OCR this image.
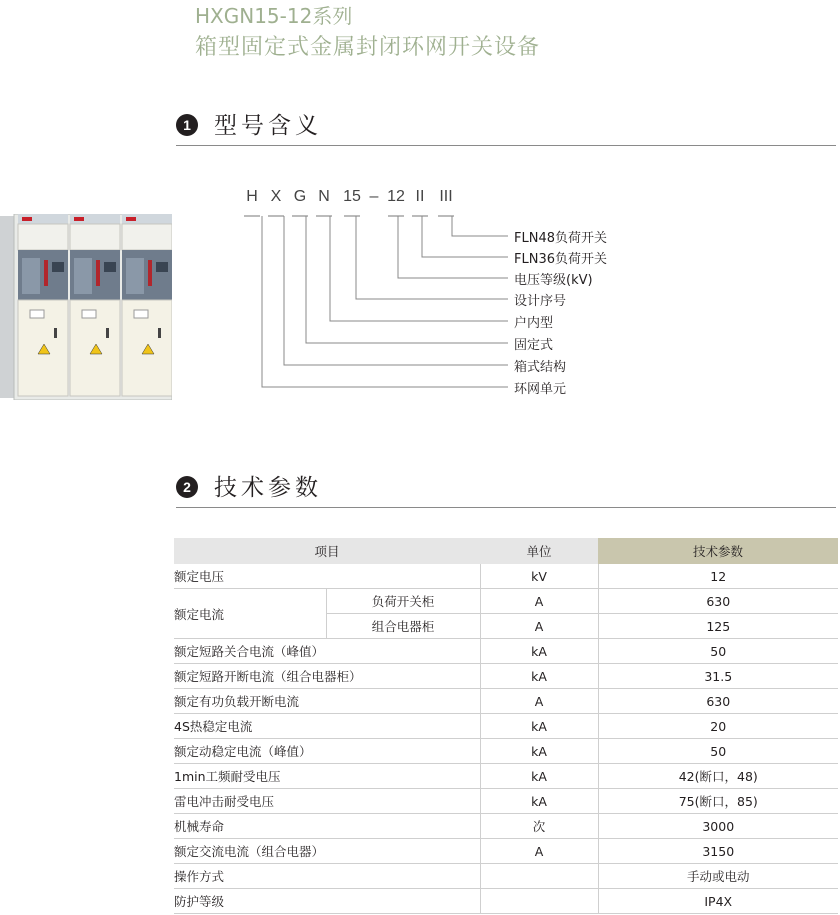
HXGN15-12系列
箱型固定式金属封闭环网开关设备
1	型号含义
H X G N 15 – 12 II III
FLN48负荷开关
FLN36负荷开关
电压等级(kV)
设计序号
户内型
固定式
箱式结构
环网单元
2	技术参数
项目		单位	技术参数
额定电压		kV	12
额定电流	负荷开关柜	A	630
	组合电器柜	A	125
额定短路关合电流（峰值）		kA	50
额定短路开断电流（组合电器柜）		kA	31.5
额定有功负载开断电流		A	630
4S热稳定电流		kA	20
额定动稳定电流（峰值）		kA	50
1min工频耐受电压		kA	42(断口，48)
雷电冲击耐受电压		kA	75(断口，85)
机械寿命		次	3000
额定交流电流（组合电器）		A	3150
操作方式			手动或电动
防护等级			IP4X
